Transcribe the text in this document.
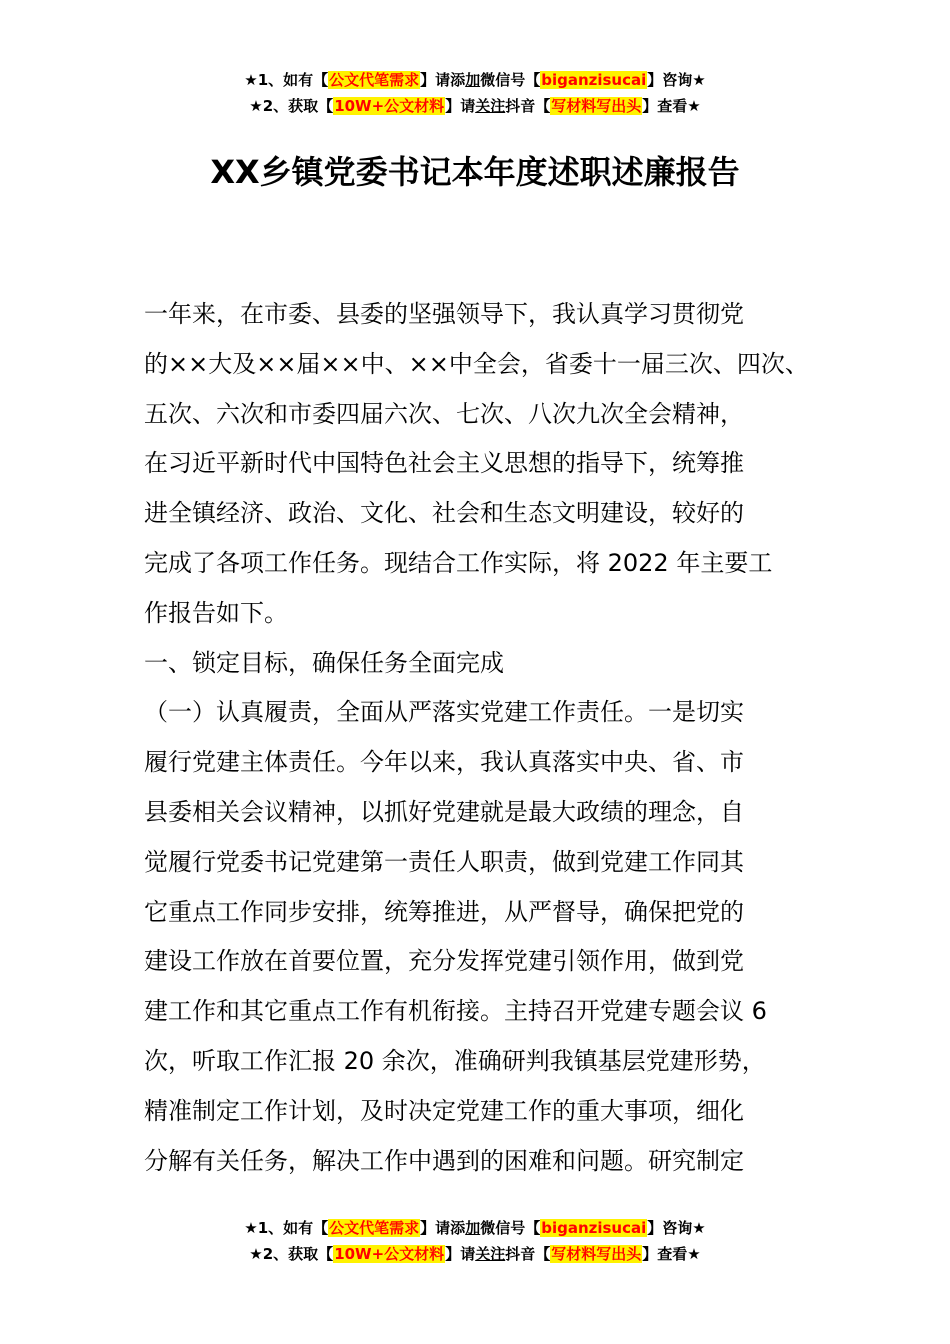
★1、如有【公文代笔需求】请添加微信号【biganzisucai】咨询★
★2、获取【10W+公文材料】请关注抖音【写材料写出头】查看★
XX乡镇党委书记本年度述职述廉报告

一年来，在市委、县委的坚强领导下，我认真学习贯彻党

的××大及××届××中、××中全会，省委十一届三次、四次、

五次、六次和市委四届六次、七次、八次九次全会精神，

在习近平新时代中国特色社会主义思想的指导下，统筹推

进全镇经济、政治、文化、社会和生态文明建设，较好的

完成了各项工作任务。现结合工作实际，将 2022 年主要工

作报告如下。

一、锁定目标，确保任务全面完成

（一）认真履责，全面从严落实党建工作责任。一是切实

履行党建主体责任。今年以来，我认真落实中央、省、市

县委相关会议精神，以抓好党建就是最大政绩的理念，自

觉履行党委书记党建第一责任人职责，做到党建工作同其

它重点工作同步安排，统筹推进，从严督导，确保把党的

建设工作放在首要位置，充分发挥党建引领作用，做到党

建工作和其它重点工作有机衔接。主持召开党建专题会议 6

次，听取工作汇报 20 余次，准确研判我镇基层党建形势，

精准制定工作计划，及时决定党建工作的重大事项，细化

分解有关任务，解决工作中遇到的困难和问题。研究制定

★1、如有【公文代笔需求】请添加微信号【biganzisucai】咨询★
★2、获取【10W+公文材料】请关注抖音【写材料写出头】查看★
